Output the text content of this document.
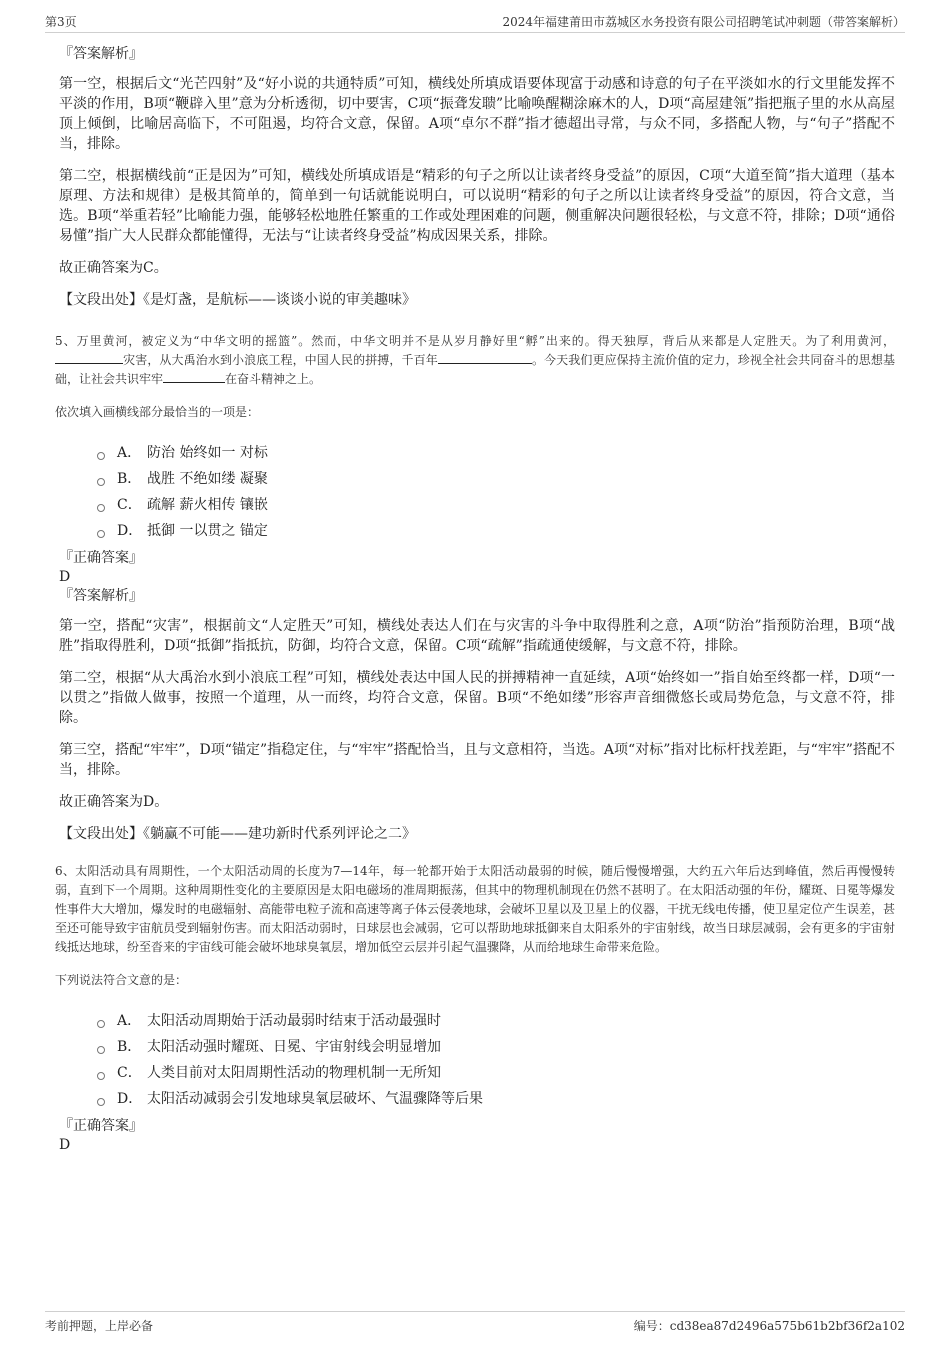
第3页	2024年福建莆田市荔城区水务投资有限公司招聘笔试冲刺题（带答案解析）
『答案解析』

第一空，根据后文“光芒四射”及“好小说的共通特质”可知，横线处所填成语要体现富于动感和诗意的句子在平淡如水的行文里能发挥不平淡的作用，B项“鞭辟入里”意为分析透彻，切中要害，C项“振聋发聩”比喻唤醒糊涂麻木的人，D项“高屋建瓴”指把瓶子里的水从高屋顶上倾倒，比喻居高临下，不可阻遏，均符合文意，保留。A项“卓尔不群”指才德超出寻常，与众不同，多搭配人物，与“句子”搭配不当，排除。

第二空，根据横线前“正是因为”可知，横线处所填成语是“精彩的句子之所以让读者终身受益”的原因，C项“大道至简”指大道理（基本原理、方法和规律）是极其简单的，简单到一句话就能说明白，可以说明“精彩的句子之所以让读者终身受益”的原因，符合文意，当选。B项“举重若轻”比喻能力强，能够轻松地胜任繁重的工作或处理困难的问题，侧重解决问题很轻松，与文意不符，排除；D项“通俗易懂”指广大人民群众都能懂得，无法与“让读者终身受益”构成因果关系，排除。

故正确答案为C。

【文段出处】《是灯盏，是航标——谈谈小说的审美趣味》

5、万里黄河，被定义为“中华文明的摇篮”。然而，中华文明并不是从岁月静好里“孵”出来的。得天独厚，背后从来都是人定胜天。为了利用黄河，灾害，从大禹治水到小浪底工程，中国人民的拼搏，千百年	。今天我们更应保持主流价值的定力，珍视全社会共同奋斗的思想基础，让社会共识牢牢	在奋斗精神之上。

依次填入画横线部分最恰当的一项是：

A． 防治 始终如一 对标
B． 战胜 不绝如缕 凝聚
C． 疏解 薪火相传 镶嵌
D． 抵御 一以贯之 锚定
『正确答案』
D
『答案解析』

第一空，搭配“灾害”，根据前文“人定胜天”可知，横线处表达人们在与灾害的斗争中取得胜利之意，A项“防治”指预防治理，B项“战胜”指取得胜利，D项“抵御”指抵抗，防御，均符合文意，保留。C项“疏解”指疏通使缓解，与文意不符，排除。

第二空，根据“从大禹治水到小浪底工程”可知，横线处表达中国人民的拼搏精神一直延续，A项“始终如一”指自始至终都一样，D项“一以贯之”指做人做事，按照一个道理，从一而终，均符合文意，保留。B项“不绝如缕”形容声音细微悠长或局势危急，与文意不符，排除。

第三空，搭配“牢牢”，D项“锚定”指稳定住，与“牢牢”搭配恰当，且与文意相符，当选。A项“对标”指对比标杆找差距，与“牢牢”搭配不当，排除。

故正确答案为D。

【文段出处】《躺赢不可能——建功新时代系列评论之二》

6、太阳活动具有周期性，一个太阳活动周的长度为7—14年，每一轮都开始于太阳活动最弱的时候，随后慢慢增强，大约五六年后达到峰值，然后再慢慢转弱，直到下一个周期。这种周期性变化的主要原因是太阳电磁场的准周期振荡，但其中的物理机制现在仍然不甚明了。在太阳活动强的年份，耀斑、日冕等爆发性事件大大增加，爆发时的电磁辐射、高能带电粒子流和高速等离子体云侵袭地球，会破坏卫星以及卫星上的仪器，干扰无线电传播，使卫星定位产生误差，甚至还可能导致宇宙航员受到辐射伤害。而太阳活动弱时，日球层也会减弱，它可以帮助地球抵御来自太阳系外的宇宙射线，故当日球层减弱，会有更多的宇宙射线抵达地球，纷至沓来的宇宙线可能会破坏地球臭氧层，增加低空云层并引起气温骤降，从而给地球生命带来危险。

下列说法符合文意的是：

A． 太阳活动周期始于活动最弱时结束于活动最强时
B． 太阳活动强时耀斑、日冕、宇宙射线会明显增加
C． 人类目前对太阳周期性活动的物理机制一无所知
D． 太阳活动减弱会引发地球臭氧层破坏、气温骤降等后果
『正确答案』
D
考前押题，上岸必备	编号：cd38ea87d2496a575b61b2bf36f2a102
